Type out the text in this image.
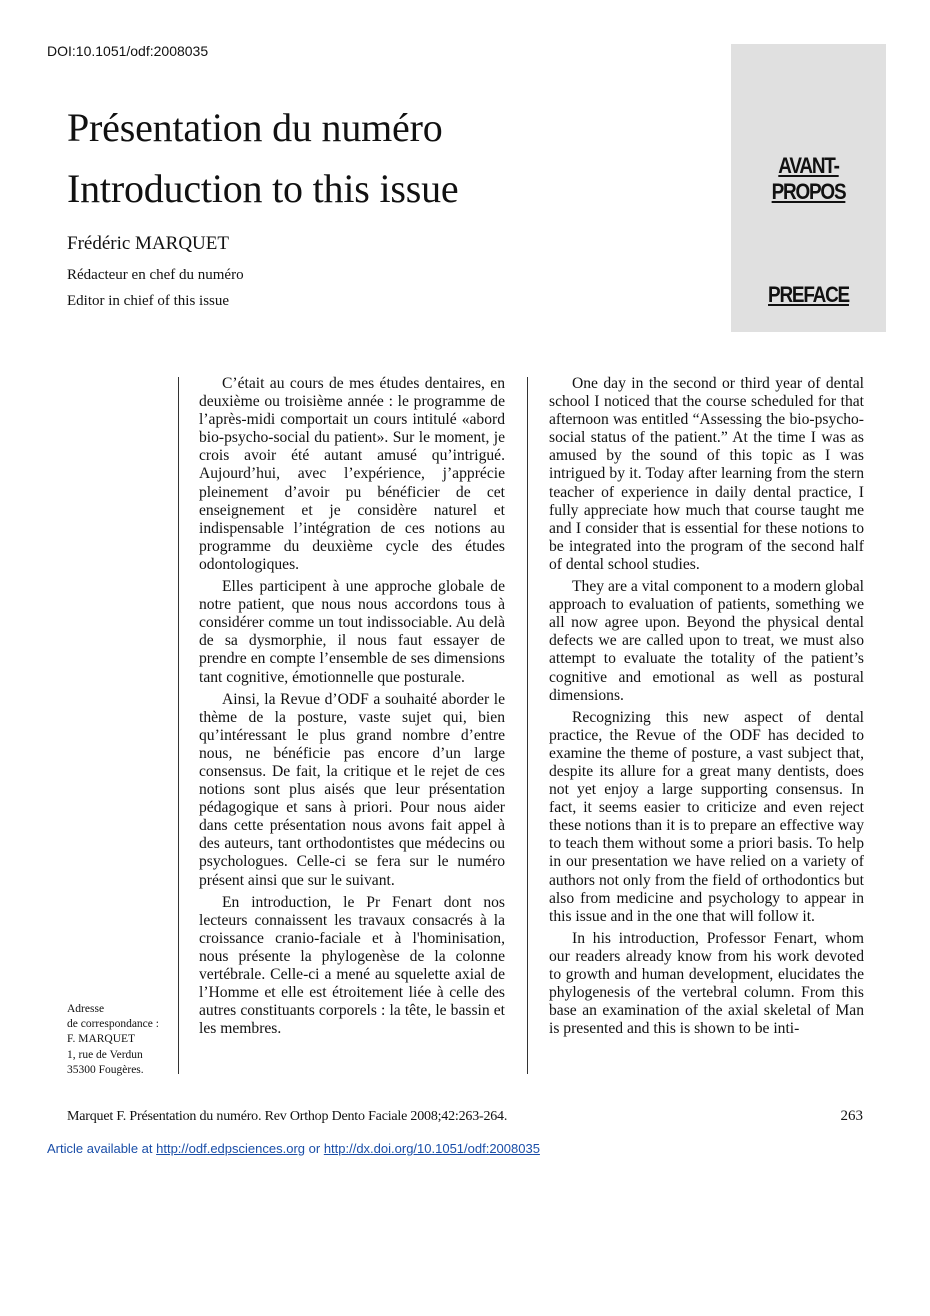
DOI:10.1051/odf:2008035
Présentation du numéro
Introduction to this issue
Frédéric MARQUET
Rédacteur en chef du numéro
Editor in chief of this issue
AVANT-PROPOS
PREFACE

C’était au cours de mes études dentaires, en deuxième ou troisième année : le programme de l’après-midi comportait un cours intitulé «abord bio-psycho-social du patient». Sur le moment, je crois avoir été autant amusé qu’intrigué. Aujourd’hui, avec l’expérience, j’apprécie pleinement d’avoir pu bénéficier de cet enseignement et je considère naturel et indispensable l’intégration de ces notions au programme du deuxième cycle des études odontologiques.

Elles participent à une approche globale de notre patient, que nous nous accordons tous à considérer comme un tout indissociable. Au delà de sa dysmorphie, il nous faut essayer de prendre en compte l’ensemble de ses dimensions tant cognitive, émotionnelle que posturale.

Ainsi, la Revue d’ODF a souhaité aborder le thème de la posture, vaste sujet qui, bien qu’intéressant le plus grand nombre d’entre nous, ne bénéficie pas encore d’un large consensus. De fait, la critique et le rejet de ces notions sont plus aisés que leur présentation pédagogique et sans à priori. Pour nous aider dans cette présentation nous avons fait appel à des auteurs, tant orthodontistes que médecins ou psychologues. Celle-ci se fera sur le numéro présent ainsi que sur le suivant.

En introduction, le Pr Fenart dont nos lecteurs connaissent les travaux consacrés à la croissance cranio-faciale et à l'hominisation, nous présente la phylogenèse de la colonne vertébrale. Celle-ci a mené au squelette axial de l’Homme et elle est étroitement liée à celle des autres constituants corporels : la tête, le bassin et les membres.

One day in the second or third year of dental school I noticed that the course scheduled for that afternoon was entitled “Assessing the bio-psycho-social status of the patient.” At the time I was as amused by the sound of this topic as I was intrigued by it. Today after learning from the stern teacher of experience in daily dental practice, I fully appreciate how much that course taught me and I consider that is essential for these notions to be integrated into the program of the second half of dental school studies.

They are a vital component to a modern global approach to evaluation of patients, something we all now agree upon. Beyond the physical dental defects we are called upon to treat, we must also attempt to evaluate the totality of the patient’s cognitive and emotional as well as postural dimensions.

Recognizing this new aspect of dental practice, the Revue of the ODF has decided to examine the theme of posture, a vast subject that, despite its allure for a great many dentists, does not yet enjoy a large supporting consensus. In fact, it seems easier to criticize and even reject these notions than it is to prepare an effective way to teach them without some a priori basis. To help in our presentation we have relied on a variety of authors not only from the field of orthodontics but also from medicine and psychology to appear in this issue and in the one that will follow it.

In his introduction, Professor Fenart, whom our readers already know from his work devoted to growth and human development, elucidates the phylogenesis of the vertebral column. From this base an examination of the axial skeletal of Man is presented and this is shown to be inti-

Adresse
de correspondance :
F. MARQUET
1, rue de Verdun
35300 Fougères.
Marquet F. Présentation du numéro. Rev Orthop Dento Faciale 2008;42:263-264.	263
Article available at http://odf.edpsciences.org or http://dx.doi.org/10.1051/odf:2008035
